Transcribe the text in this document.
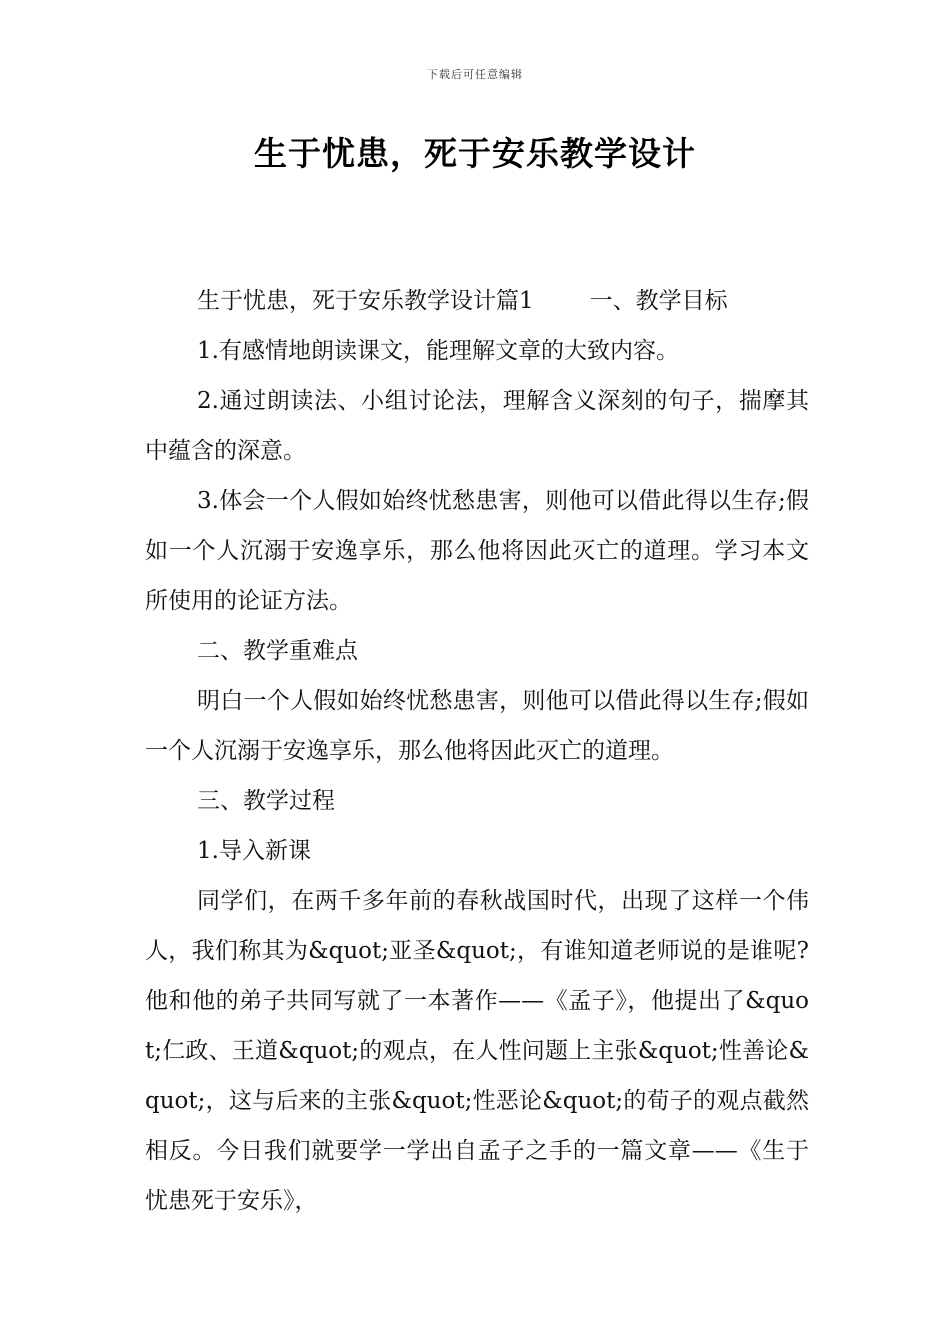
下载后可任意编辑
生于忧患，死于安乐教学设计

生于忧患，死于安乐教学设计篇1 一、教学目标

1.有感情地朗读课文，能理解文章的大致内容。

2.通过朗读法、小组讨论法，理解含义深刻的句子，揣摩其中蕴含的深意。

3.体会一个人假如始终忧愁患害，则他可以借此得以生存;假如一个人沉溺于安逸享乐，那么他将因此灭亡的道理。学习本文所使用的论证方法。

二、教学重难点

明白一个人假如始终忧愁患害，则他可以借此得以生存;假如一个人沉溺于安逸享乐，那么他将因此灭亡的道理。

三、教学过程

1.导入新课

同学们，在两千多年前的春秋战国时代，出现了这样一个伟人，我们称其为&quot;亚圣&quot;，有谁知道老师说的是谁呢?他和他的弟子共同写就了一本著作——《孟子》，他提出了&quot;仁政、王道&quot;的观点，在人性问题上主张&quot;性善论&quot;，这与后来的主张&quot;性恶论&quot;的荀子的观点截然相反。今日我们就要学一学出自孟子之手的一篇文章——《生于忧患死于安乐》，
